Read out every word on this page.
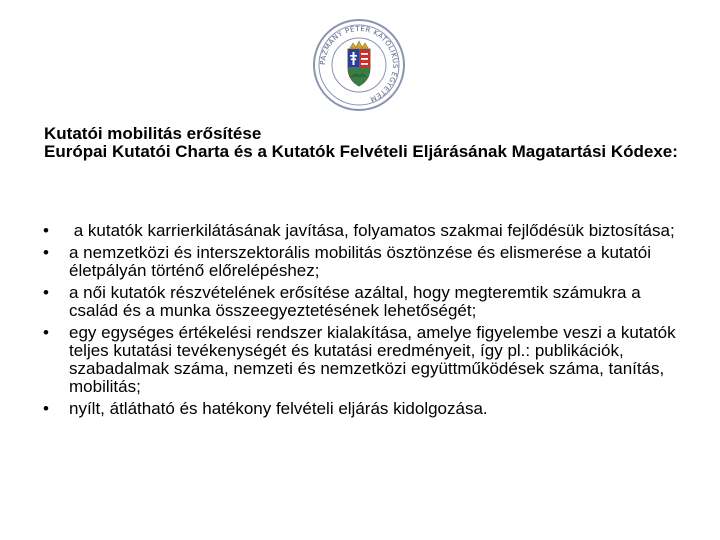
PÁZMÁNY PÉTER KATOLIKUS EGYETEM
Kutatói mobilitás erősítése
Európai Kutatói Charta és a Kutatók Felvételi Eljárásának Magatartási Kódexe:
• a kutatók karrierkilátásának javítása, folyamatos szakmai fejlődésük biztosítása;
• a nemzetközi és interszektorális mobilitás ösztönzése és elismerése a kutatói életpályán történő előrelépéshez;
• a női kutatók részvételének erősítése azáltal, hogy megteremtik számukra a család és a munka összeegyeztetésének lehetőségét;
• egy egységes értékelési rendszer kialakítása, amelye figyelembe veszi a kutatók teljes kutatási tevékenységét és kutatási eredményeit, így pl.: publikációk, szabadalmak száma, nemzeti és nemzetközi együttműködések száma, tanítás, mobilitás;
• nyílt, átlátható és hatékony felvételi eljárás kidolgozása.
